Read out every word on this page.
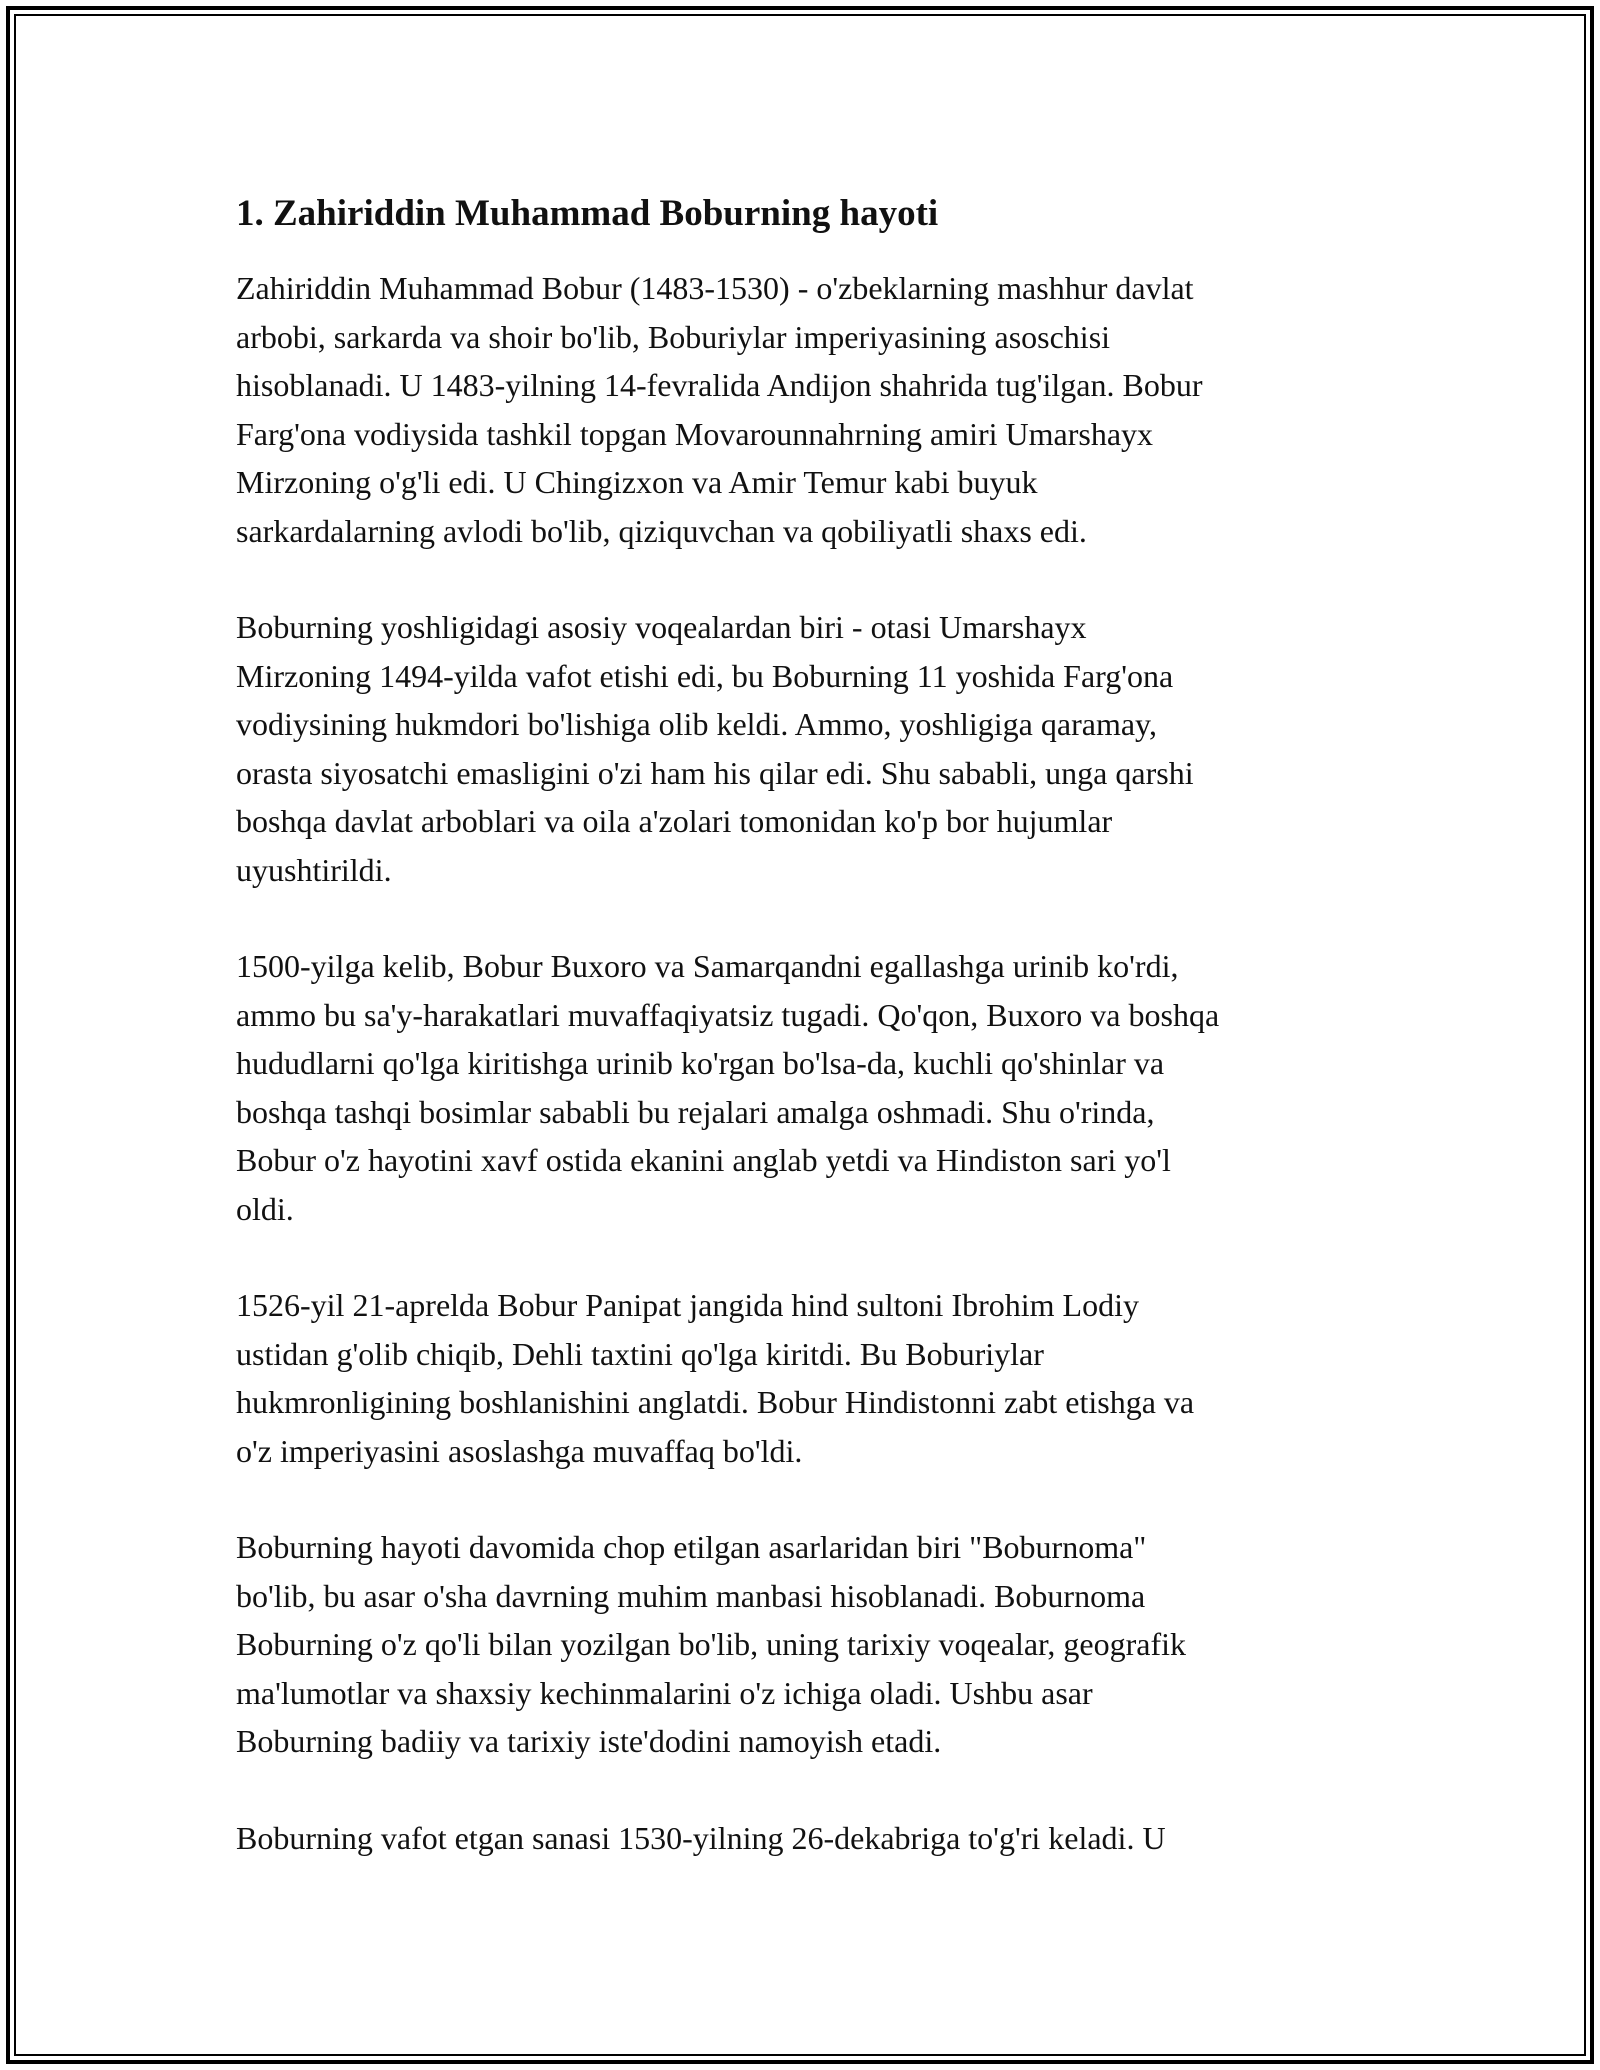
1. Zahiriddin Muhammad Boburning hayoti

Zahiriddin Muhammad Bobur (1483-1530) - o'zbeklarning mashhur davlat
arbobi, sarkarda va shoir bo'lib, Boburiylar imperiyasining asoschisi
hisoblanadi. U 1483-yilning 14-fevralida Andijon shahrida tug'ilgan. Bobur
Farg'ona vodiysida tashkil topgan Movarounnahrning amiri Umarshayx
Mirzoning o'g'li edi. U Chingizxon va Amir Temur kabi buyuk
sarkardalarning avlodi bo'lib, qiziquvchan va qobiliyatli shaxs edi.

Boburning yoshligidagi asosiy voqealardan biri - otasi Umarshayx
Mirzoning 1494-yilda vafot etishi edi, bu Boburning 11 yoshida Farg'ona
vodiysining hukmdori bo'lishiga olib keldi. Ammo, yoshligiga qaramay,
orasta siyosatchi emasligini o'zi ham his qilar edi. Shu sababli, unga qarshi
boshqa davlat arboblari va oila a'zolari tomonidan ko'p bor hujumlar
uyushtirildi.

1500-yilga kelib, Bobur Buxoro va Samarqandni egallashga urinib ko'rdi,
ammo bu sa'y-harakatlari muvaffaqiyatsiz tugadi. Qo'qon, Buxoro va boshqa
hududlarni qo'lga kiritishga urinib ko'rgan bo'lsa-da, kuchli qo'shinlar va
boshqa tashqi bosimlar sababli bu rejalari amalga oshmadi. Shu o'rinda,
Bobur o'z hayotini xavf ostida ekanini anglab yetdi va Hindiston sari yo'l
oldi.

1526-yil 21-aprelda Bobur Panipat jangida hind sultoni Ibrohim Lodiy
ustidan g'olib chiqib, Dehli taxtini qo'lga kiritdi. Bu Boburiylar
hukmronligining boshlanishini anglatdi. Bobur Hindistonni zabt etishga va
o'z imperiyasini asoslashga muvaffaq bo'ldi.

Boburning hayoti davomida chop etilgan asarlaridan biri "Boburnoma"
bo'lib, bu asar o'sha davrning muhim manbasi hisoblanadi. Boburnoma
Boburning o'z qo'li bilan yozilgan bo'lib, uning tarixiy voqealar, geografik
ma'lumotlar va shaxsiy kechinmalarini o'z ichiga oladi. Ushbu asar
Boburning badiiy va tarixiy iste'dodini namoyish etadi.

Boburning vafot etgan sanasi 1530-yilning 26-dekabriga to'g'ri keladi. U
